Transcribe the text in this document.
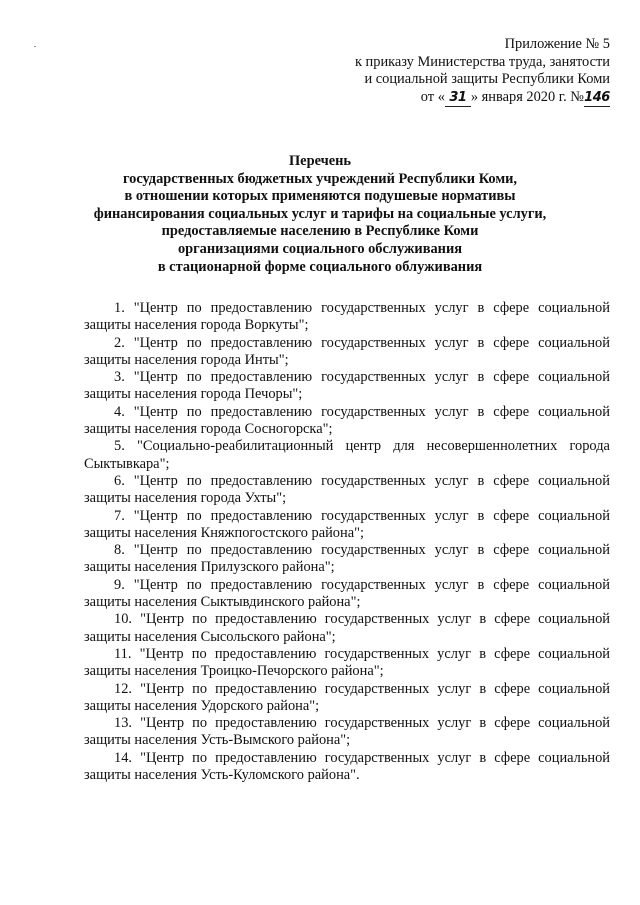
Приложение № 5
к приказу Министерства труда, занятости
и социальной защиты Республики Коми
от « 31 » января 2020 г. №146
Перечень
государственных бюджетных учреждений Республики Коми,
в отношении которых применяются подушевые нормативы
финансирования социальных услуг и тарифы на социальные услуги,
предоставляемые населению в Республике Коми
организациями социального обслуживания
в стационарной форме социального облуживания
1. "Центр по предоставлению государственных услуг в сфере социальной
защиты населения города Воркуты";
2. "Центр по предоставлению государственных услуг в сфере социальной
защиты населения города Инты";
3. "Центр по предоставлению государственных услуг в сфере социальной
защиты населения города Печоры";
4. "Центр по предоставлению государственных услуг в сфере социальной
защиты населения города Сосногорска";
5. "Социально-реабилитационный центр для несовершеннолетних города
Сыктывкара";
6. "Центр по предоставлению государственных услуг в сфере социальной
защиты населения города Ухты";
7. "Центр по предоставлению государственных услуг в сфере социальной
защиты населения Княжпогостского района";
8. "Центр по предоставлению государственных услуг в сфере социальной
защиты населения Прилузского района";
9. "Центр по предоставлению государственных услуг в сфере социальной
защиты населения Сыктывдинского района";
10. "Центр по предоставлению государственных услуг в сфере социальной
защиты населения Сысольского района";
11. "Центр по предоставлению государственных услуг в сфере социальной
защиты населения Троицко-Печорского района";
12. "Центр по предоставлению государственных услуг в сфере социальной
защиты населения Удорского района";
13. "Центр по предоставлению государственных услуг в сфере социальной
защиты населения Усть-Вымского района";
14. "Центр по предоставлению государственных услуг в сфере социальной
защиты населения Усть-Куломского района".
